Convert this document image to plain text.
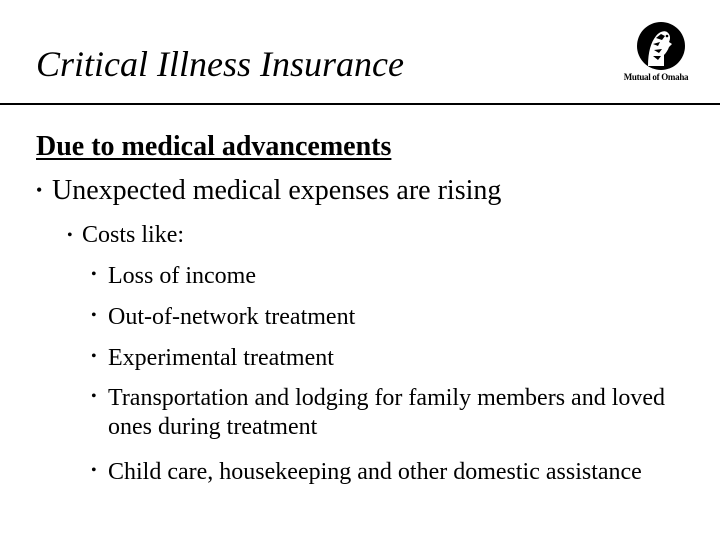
Critical Illness Insurance	Mutual of Omaha
Due to medical advancements
• Unexpected medical expenses are rising
• Costs like:
• Loss of income
• Out-of-network treatment
• Experimental treatment
• Transportation and lodging for family members and loved ones during treatment
• Child care, housekeeping and other domestic assistance
